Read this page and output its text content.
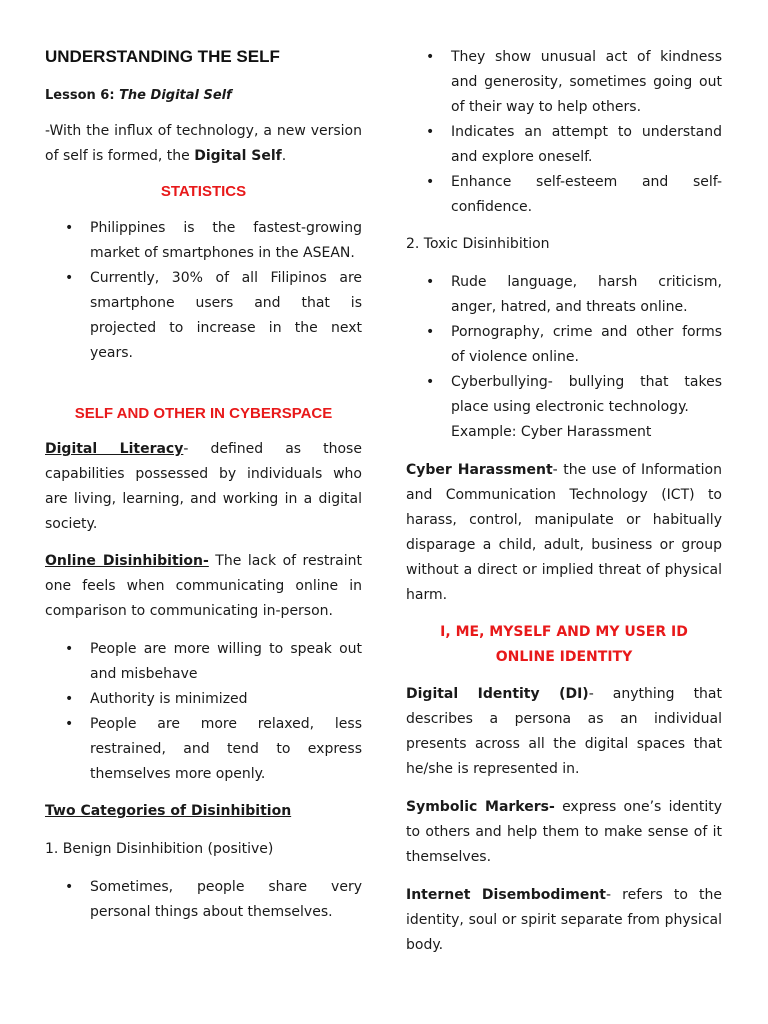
UNDERSTANDING THE SELF

Lesson 6: The Digital Self

-With the influx of technology, a new version of self is formed, the Digital Self.

STATISTICS

• Philippines is the fastest-growing market of smartphones in the ASEAN.
• Currently, 30% of all Filipinos are smartphone users and that is projected to increase in the next years.

SELF AND OTHER IN CYBERSPACE

Digital Literacy- defined as those capabilities possessed by individuals who are living, learning, and working in a digital society.

Online Disinhibition- The lack of restraint one feels when communicating online in comparison to communicating in-person.

• People are more willing to speak out and misbehave
• Authority is minimized
• People are more relaxed, less restrained, and tend to express themselves more openly.

Two Categories of Disinhibition

1. Benign Disinhibition (positive)

• Sometimes, people share very personal things about themselves.
• They show unusual act of kindness and generosity, sometimes going out of their way to help others.
• Indicates an attempt to understand and explore oneself.
• Enhance self-esteem and self-confidence.

2. Toxic Disinhibition

• Rude language, harsh criticism, anger, hatred, and threats online.
• Pornography, crime and other forms of violence online.
• Cyberbullying- bullying that takes place using electronic technology.

Example: Cyber Harassment

Cyber Harassment- the use of Information and Communication Technology (ICT) to harass, control, manipulate or habitually disparage a child, adult, business or group without a direct or implied threat of physical harm.

I, ME, MYSELF AND MY USER ID

ONLINE IDENTITY

Digital Identity (DI)- anything that describes a persona as an individual presents across all the digital spaces that he/she is represented in.

Symbolic Markers- express one’s identity to others and help them to make sense of it themselves.

Internet Disembodiment- refers to the identity, soul or spirit separate from physical body.
